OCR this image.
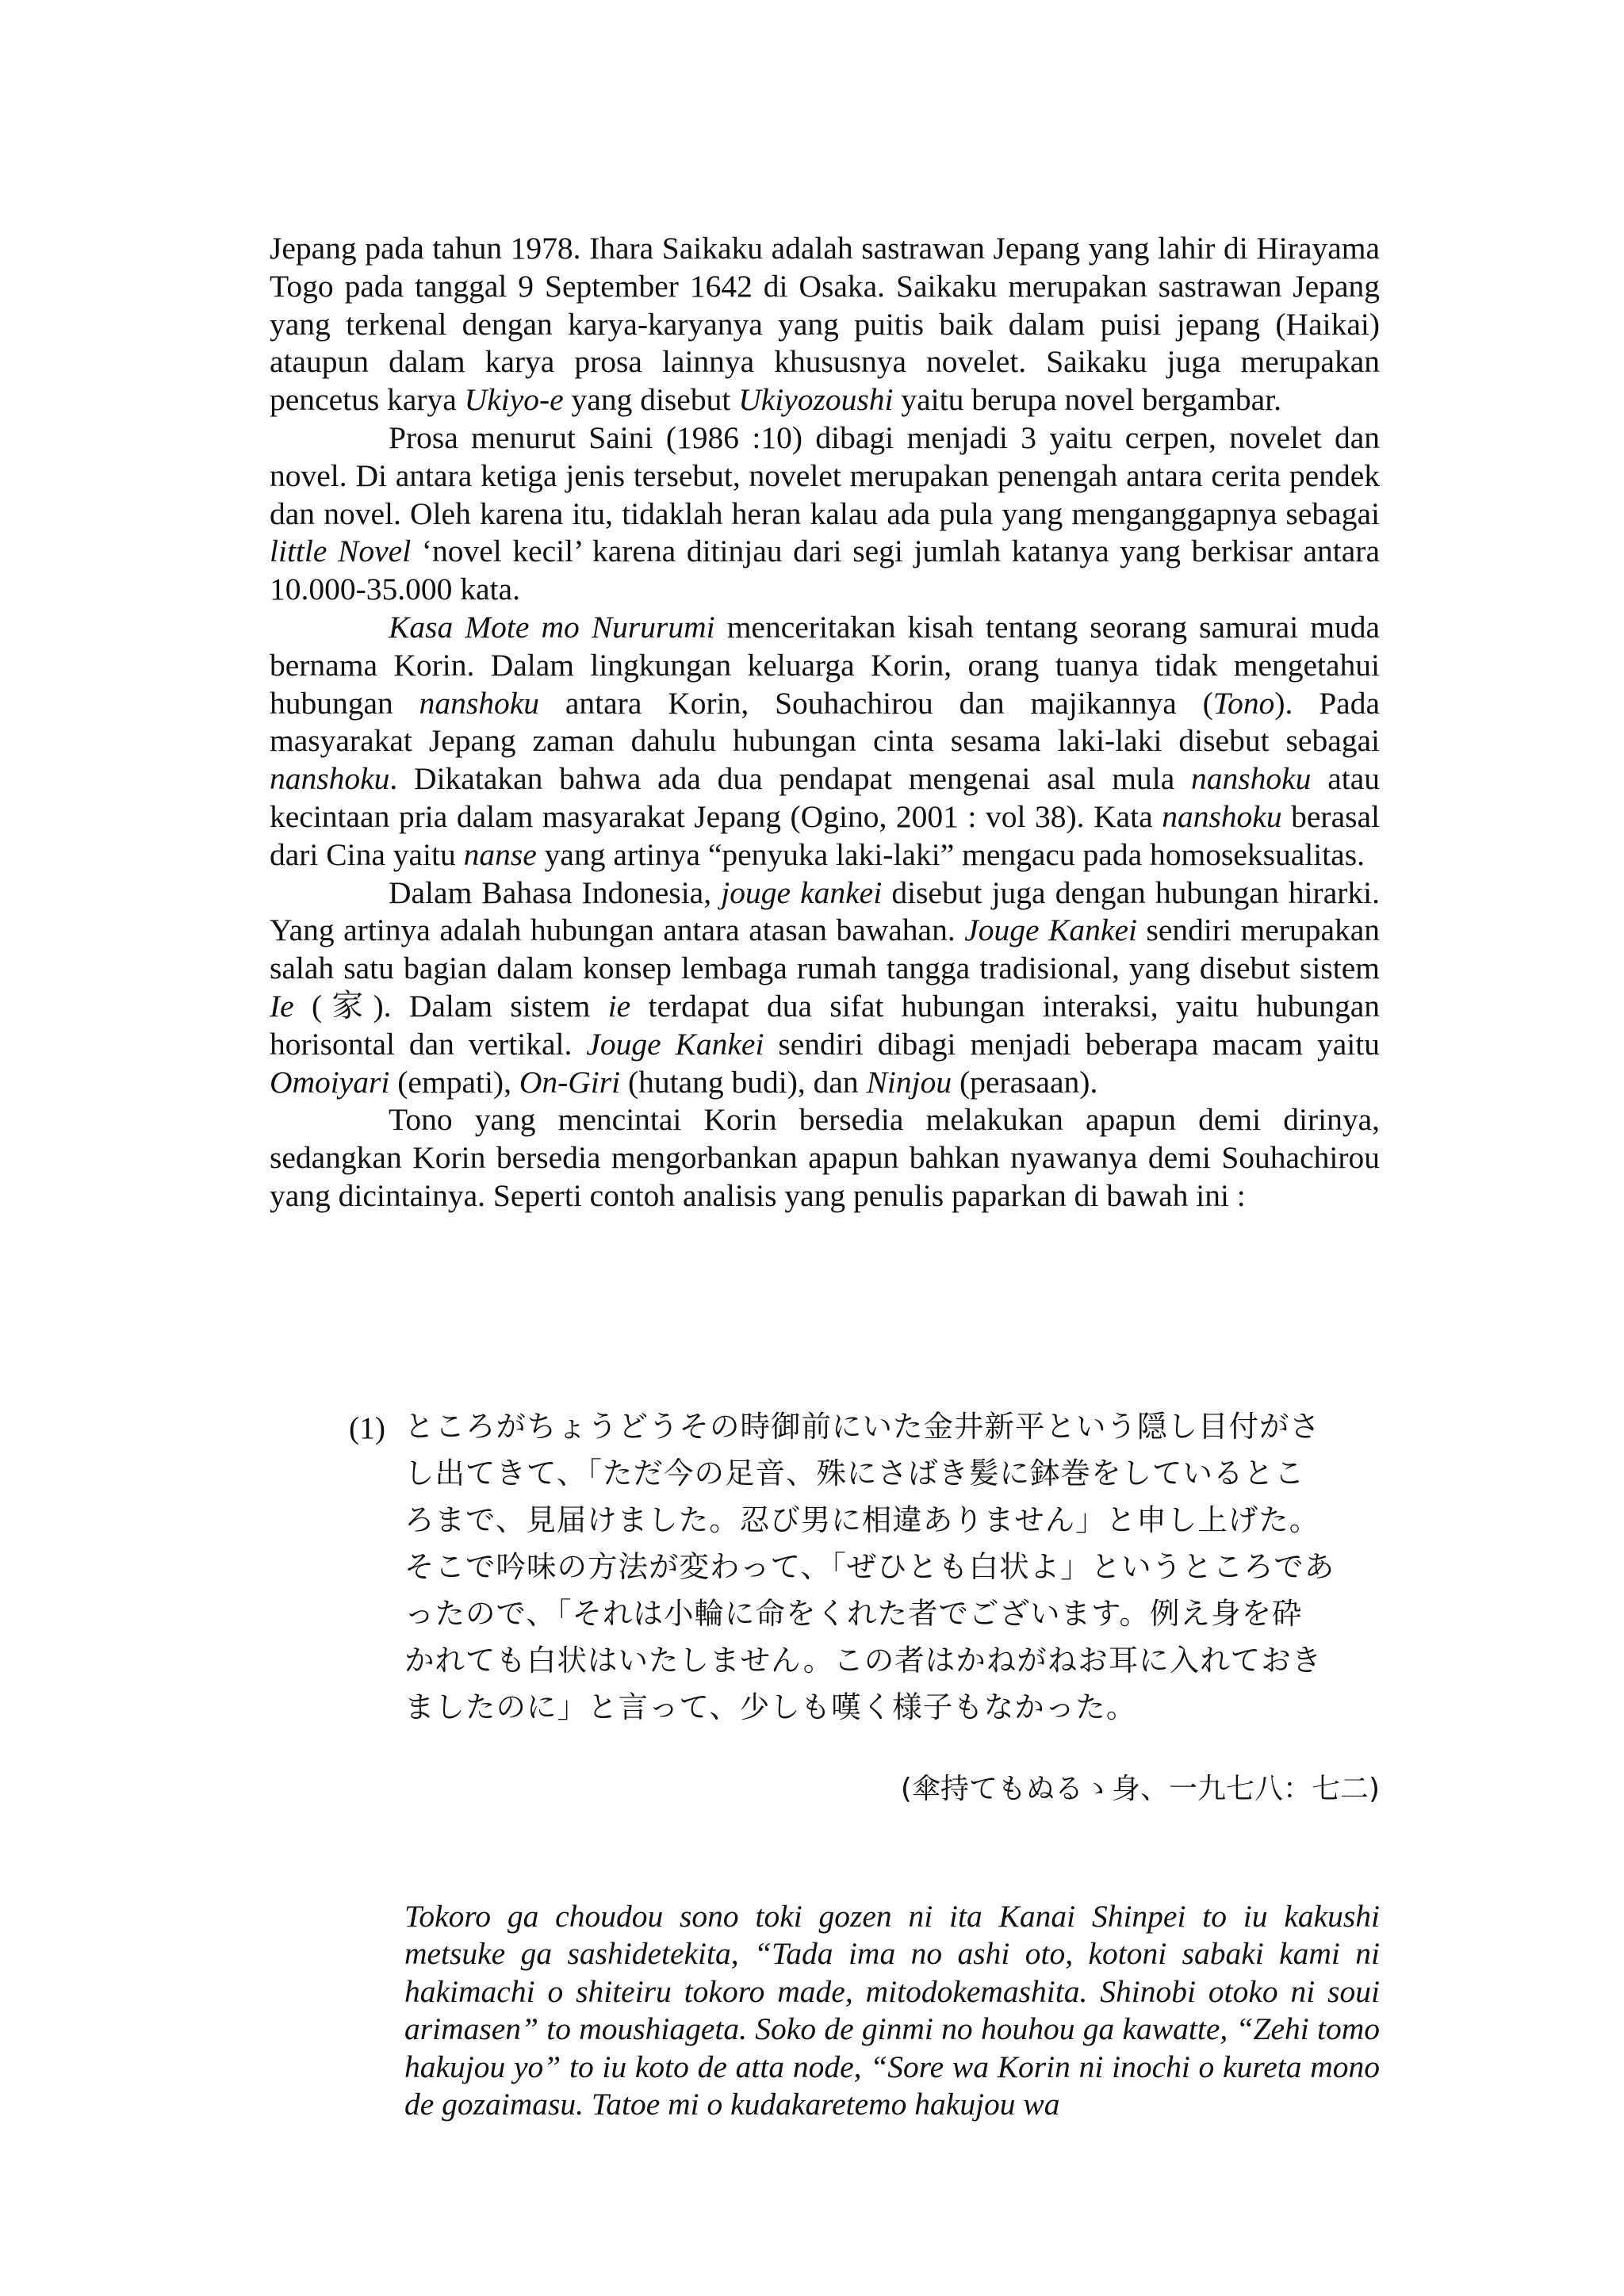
Jepang pada tahun 1978. Ihara Saikaku adalah sastrawan Jepang yang lahir di Hirayama Togo pada tanggal 9 September 1642 di Osaka. Saikaku merupakan sastrawan Jepang yang terkenal dengan karya-karyanya yang puitis baik dalam puisi jepang (Haikai) ataupun dalam karya prosa lainnya khususnya novelet. Saikaku juga merupakan pencetus karya Ukiyo-e yang disebut Ukiyozoushi yaitu berupa novel bergambar.

Prosa menurut Saini (1986 :10) dibagi menjadi 3 yaitu cerpen, novelet dan novel. Di antara ketiga jenis tersebut, novelet merupakan penengah antara cerita pendek dan novel. Oleh karena itu, tidaklah heran kalau ada pula yang menganggapnya sebagai little Novel ‘novel kecil’ karena ditinjau dari segi jumlah katanya yang berkisar antara 10.000-35.000 kata.

Kasa Mote mo Nururumi menceritakan kisah tentang seorang samurai muda bernama Korin. Dalam lingkungan keluarga Korin, orang tuanya tidak mengetahui hubungan nanshoku antara Korin, Souhachirou dan majikannya (Tono). Pada masyarakat Jepang zaman dahulu hubungan cinta sesama laki-laki disebut sebagai nanshoku. Dikatakan bahwa ada dua pendapat mengenai asal mula nanshoku atau kecintaan pria dalam masyarakat Jepang (Ogino, 2001 : vol 38). Kata nanshoku berasal dari Cina yaitu nanse yang artinya “penyuka laki-laki” mengacu pada homoseksualitas.

Dalam Bahasa Indonesia, jouge kankei disebut juga dengan hubungan hirarki. Yang artinya adalah hubungan antara atasan bawahan. Jouge Kankei sendiri merupakan salah satu bagian dalam konsep lembaga rumah tangga tradisional, yang disebut sistem Ie (家). Dalam sistem ie terdapat dua sifat hubungan interaksi, yaitu hubungan horisontal dan vertikal. Jouge Kankei sendiri dibagi menjadi beberapa macam yaitu Omoiyari (empati), On-Giri (hutang budi), dan Ninjou (perasaan).

Tono yang mencintai Korin bersedia melakukan apapun demi dirinya, sedangkan Korin bersedia mengorbankan apapun bahkan nyawanya demi Souhachirou yang dicintainya. Seperti contoh analisis yang penulis paparkan di bawah ini :

(1) ところがちょうどうその時御前にいた金井新平という隠し目付がさ
し出てきて、「ただ今の足音、殊にさばき髪に鉢巻をしているとこ
ろまで、見届けました。忍び男に相違ありません」と申し上げた。
そこで吟味の方法が変わって、「ぜひとも白状よ」というところであ
ったので、「それは小輪に命をくれた者でございます。例え身を砕
かれても白状はいたしません。この者はかねがねお耳に入れておき
ましたのに」と言って、少しも嘆く様子もなかった。
(傘持てもぬるゝ身、一九七八：七二)

Tokoro ga choudou sono toki gozen ni ita Kanai Shinpei to iu kakushi metsuke ga sashidetekita, “Tada ima no ashi oto, kotoni sabaki kami ni hakimachi o shiteiru tokoro made, mitodokemashita. Shinobi otoko ni soui arimasen” to moushiageta. Soko de ginmi no houhou ga kawatte, “Zehi tomo hakujou yo” to iu koto de atta node, “Sore wa Korin ni inochi o kureta mono de gozaimasu. Tatoe mi o kudakaretemo hakujou wa
